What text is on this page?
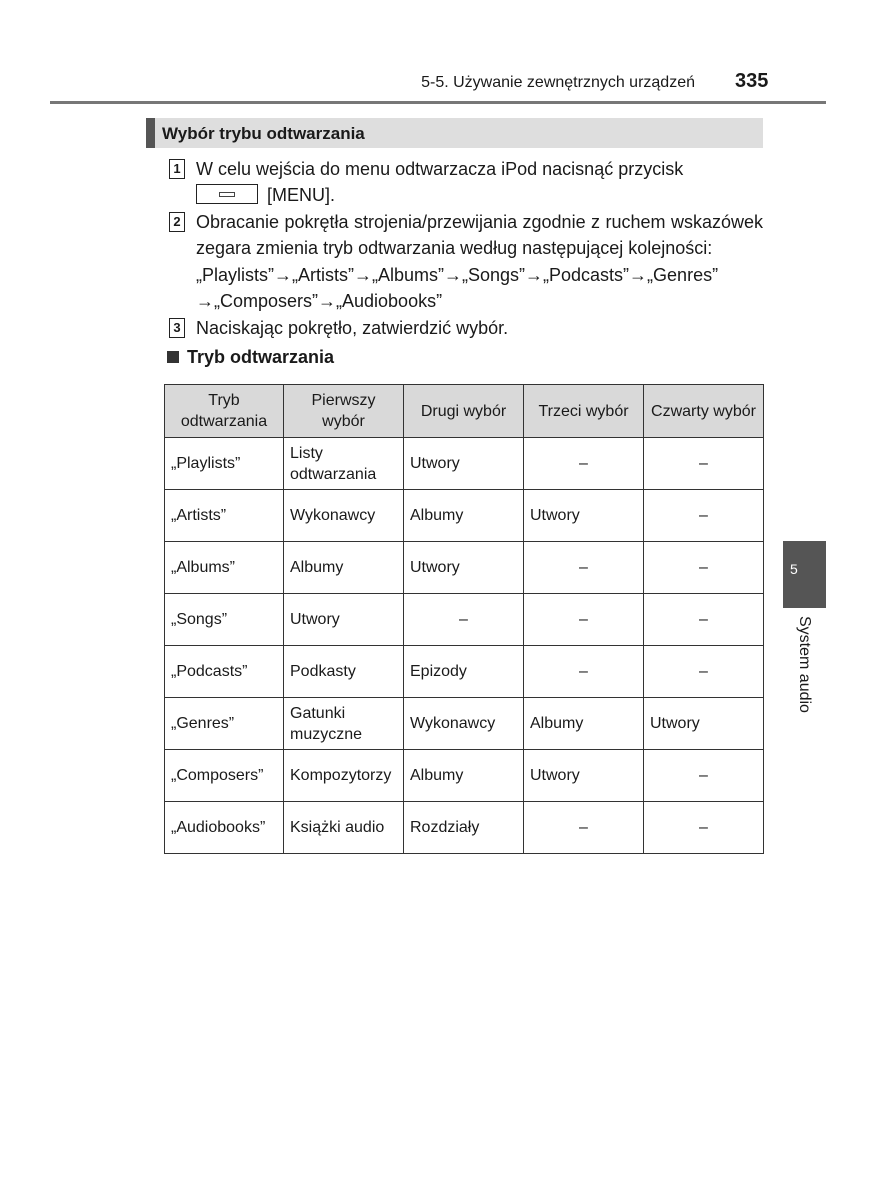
5-5. Używanie zewnętrznych urządzeń 335
Wybór trybu odtwarzania
1 W celu wejścia do menu odtwarzacza iPod nacisnąć przycisk
[MENU].
2 Obracanie pokrętła strojenia/przewijania zgodnie z ruchem wskazówek zegara zmienia tryb odtwarzania według następującej kolejności:
„Playlists”→„Artists”→„Albums”→„Songs”→„Podcasts”→„Genres”
→„Composers”→„Audiobooks”
3 Naciskając pokrętło, zatwierdzić wybór.
Tryb odtwarzania
Tryb odtwarzania	Pierwszy wybór	Drugi wybór	Trzeci wybór	Czwarty wybór
„Playlists”	Listy odtwarzania	Utwory	–	–
„Artists”	Wykonawcy	Albumy	Utwory	–
„Albums”	Albumy	Utwory	–	–
„Songs”	Utwory	–	–	–
„Podcasts”	Podkasty	Epizody	–	–
„Genres”	Gatunki muzyczne	Wykonawcy	Albumy	Utwory
„Composers”	Kompozytorzy	Albumy	Utwory	–
„Audiobooks”	Książki audio	Rozdziały	–	–
5
System audio
